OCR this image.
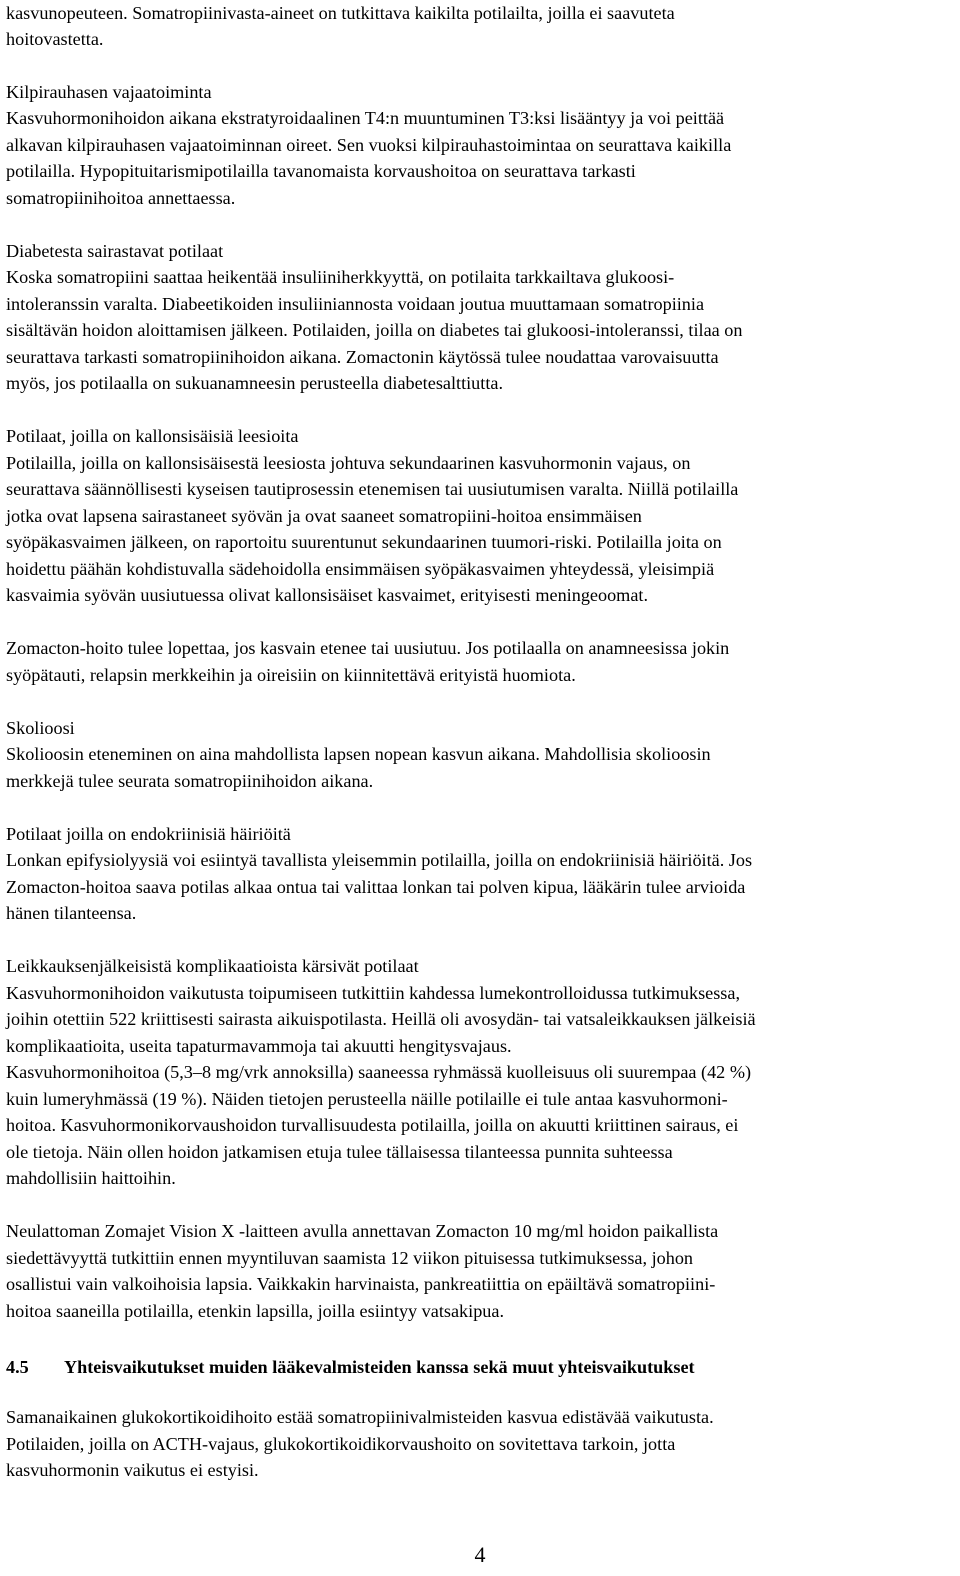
kasvunopeuteen. Somatropiinivasta-aineet on tutkittava kaikilta potilailta, joilla ei saavuteta
hoitovastetta.
Kilpirauhasen vajaatoiminta
Kasvuhormonihoidon aikana ekstratyroidaalinen T4:n muuntuminen T3:ksi lisääntyy ja voi peittää
alkavan kilpirauhasen vajaatoiminnan oireet. Sen vuoksi kilpirauhastoimintaa on seurattava kaikilla
potilailla. Hypopituitarismipotilailla tavanomaista korvaushoitoa on seurattava tarkasti
somatropiinihoitoa annettaessa.
Diabetesta sairastavat potilaat
Koska somatropiini saattaa heikentää insuliiniherkkyyttä, on potilaita tarkkailtava glukoosi-
intoleranssin varalta. Diabeetikoiden insuliiniannosta voidaan joutua muuttamaan somatropiinia
sisältävän hoidon aloittamisen jälkeen. Potilaiden, joilla on diabetes tai glukoosi-intoleranssi, tilaa on
seurattava tarkasti somatropiinihoidon aikana. Zomactonin käytössä tulee noudattaa varovaisuutta
myös, jos potilaalla on sukuanamneesin perusteella diabetesalttiutta.
Potilaat, joilla on kallonsisäisiä leesioita
Potilailla, joilla on kallonsisäisestä leesiosta johtuva sekundaarinen kasvuhormonin vajaus, on
seurattava säännöllisesti kyseisen tautiprosessin etenemisen tai uusiutumisen varalta. Niillä potilailla
jotka ovat lapsena sairastaneet syövän ja ovat saaneet somatropiini-hoitoa ensimmäisen
syöpäkasvaimen jälkeen, on raportoitu suurentunut sekundaarinen tuumori-riski. Potilailla joita on
hoidettu päähän kohdistuvalla sädehoidolla ensimmäisen syöpäkasvaimen yhteydessä, yleisimpiä
kasvaimia syövän uusiutuessa olivat kallonsisäiset kasvaimet, erityisesti meningeoomat.
Zomacton-hoito tulee lopettaa, jos kasvain etenee tai uusiutuu. Jos potilaalla on anamneesissa jokin
syöpätauti, relapsin merkkeihin ja oireisiin on kiinnitettävä erityistä huomiota.
Skolioosi
Skolioosin eteneminen on aina mahdollista lapsen nopean kasvun aikana. Mahdollisia skolioosin
merkkejä tulee seurata somatropiinihoidon aikana.
Potilaat joilla on endokriinisiä häiriöitä
Lonkan epifysiolyysiä voi esiintyä tavallista yleisemmin potilailla, joilla on endokriinisiä häiriöitä. Jos
Zomacton-hoitoa saava potilas alkaa ontua tai valittaa lonkan tai polven kipua, lääkärin tulee arvioida
hänen tilanteensa.
Leikkauksenjälkeisistä komplikaatioista kärsivät potilaat
Kasvuhormonihoidon vaikutusta toipumiseen tutkittiin kahdessa lumekontrolloidussa tutkimuksessa,
joihin otettiin 522 kriittisesti sairasta aikuispotilasta. Heillä oli avosydän- tai vatsaleikkauksen jälkeisiä
komplikaatioita, useita tapaturmavammoja tai akuutti hengitysvajaus.
Kasvuhormonihoitoa (5,3–8 mg/vrk annoksilla) saaneessa ryhmässä kuolleisuus oli suurempaa (42 %)
kuin lumeryhmässä (19 %). Näiden tietojen perusteella näille potilaille ei tule antaa kasvuhormoni-
hoitoa. Kasvuhormonikorvaushoidon turvallisuudesta potilailla, joilla on akuutti kriittinen sairaus, ei
ole tietoja. Näin ollen hoidon jatkamisen etuja tulee tällaisessa tilanteessa punnita suhteessa
mahdollisiin haittoihin.
Neulattoman Zomajet Vision X -laitteen avulla annettavan Zomacton 10 mg/ml hoidon paikallista
siedettävyyttä tutkittiin ennen myyntiluvan saamista 12 viikon pituisessa tutkimuksessa, johon
osallistui vain valkoihoisia lapsia. Vaikkakin harvinaista, pankreatiittia on epäiltävä somatropiini-
hoitoa saaneilla potilailla, etenkin lapsilla, joilla esiintyy vatsakipua.
4.5 Yhteisvaikutukset muiden lääkevalmisteiden kanssa sekä muut yhteisvaikutukset
Samanaikainen glukokortikoidihoito estää somatropiinivalmisteiden kasvua edistävää vaikutusta.
Potilaiden, joilla on ACTH-vajaus, glukokortikoidikorvaushoito on sovitettava tarkoin, jotta
kasvuhormonin vaikutus ei estyisi.
4
